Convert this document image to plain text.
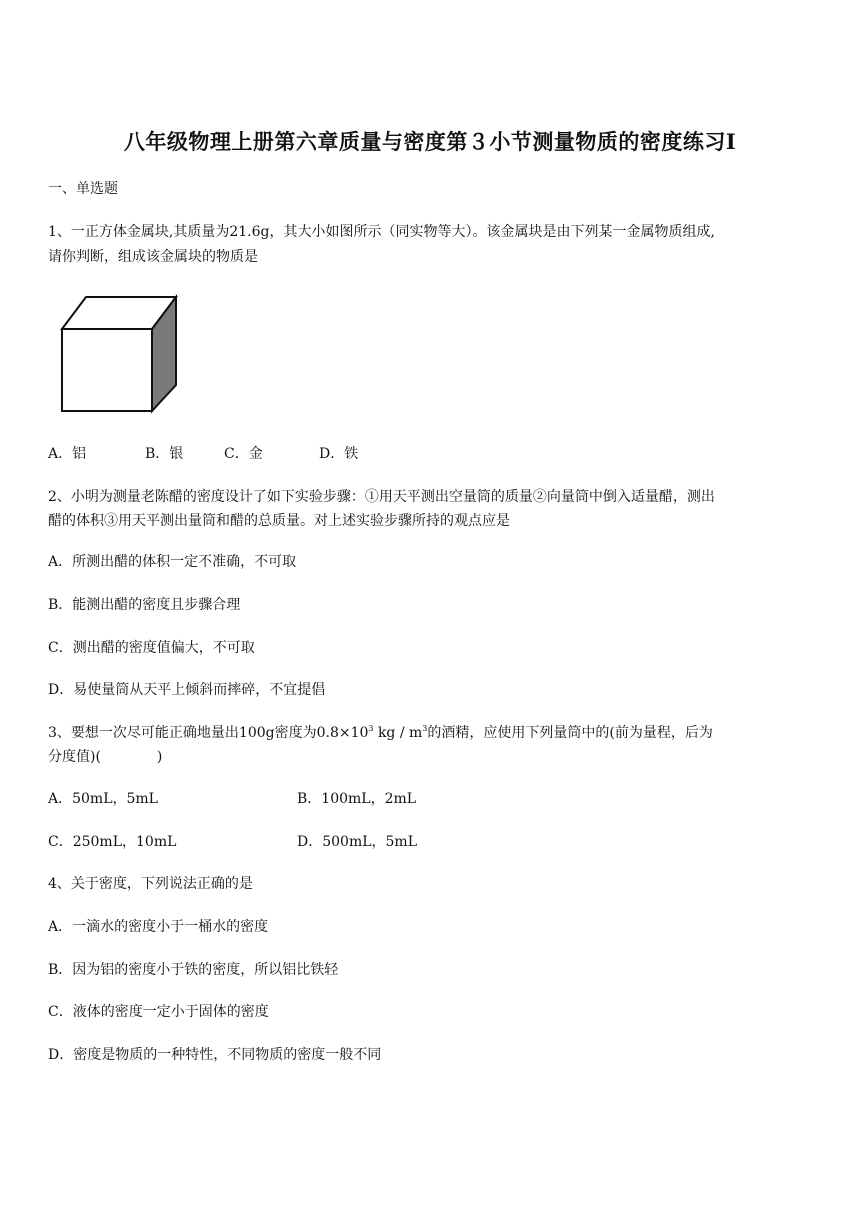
八年级物理上册第六章质量与密度第３小节测量物质的密度练习Ⅰ
一、单选题
1、一正方体金属块,其质量为21.6g，其大小如图所示（同实物等大）。该金属块是由下列某一金属物质组成,
请你判断，组成该金属块的物质是
A．铝	B．银	C．金	D．铁
2、小明为测量老陈醋的密度设计了如下实验步骤：①用天平测出空量筒的质量②向量筒中倒入适量醋，测出
醋的体积③用天平测出量筒和醋的总质量。对上述实验步骤所持的观点应是
A．所测出醋的体积一定不准确，不可取
B．能测出醋的密度且步骤合理
C．测出醋的密度值偏大，不可取
D．易使量筒从天平上倾斜而摔碎，不宜提倡
3、要想一次尽可能正确地量出100g密度为$0.8\times 10^3$ kg / $m^3$的酒精，应使用下列量筒中的(前为量程，后为
分度值)(　　　　)
A．50mL，5mL	B．100mL，2mL
C．250mL，10mL	D．500mL，5mL
4、关于密度，下列说法正确的是
A．一滴水的密度小于一桶水的密度
B．因为铝的密度小于铁的密度，所以铝比铁轻
C．液体的密度一定小于固体的密度
D．密度是物质的一种特性，不同物质的密度一般不同
